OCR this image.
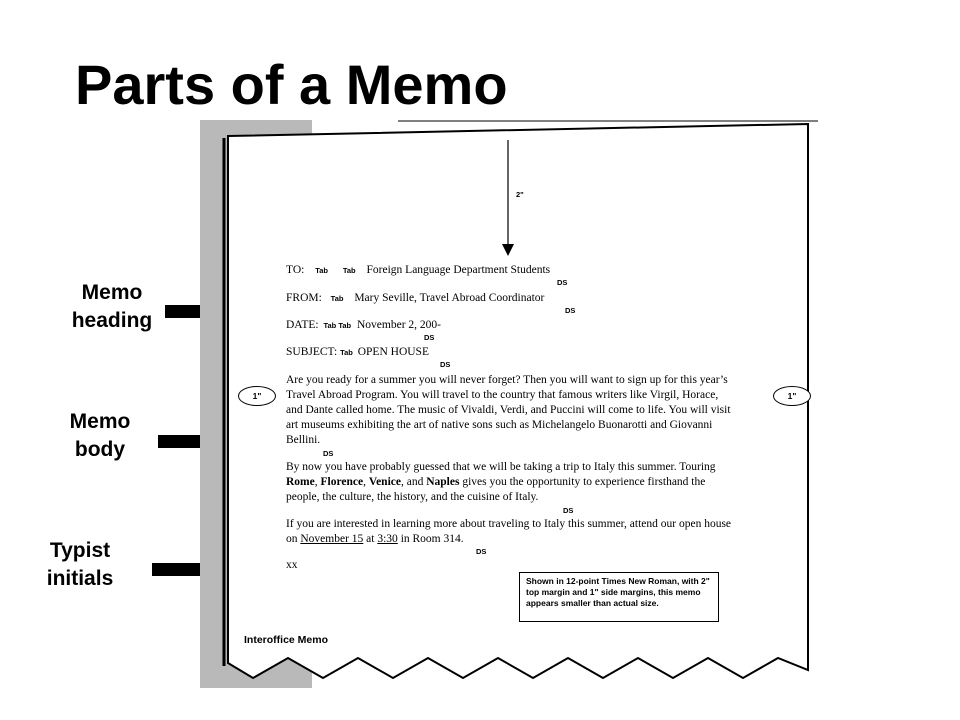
Parts of a Memo
Memo
heading
Memo
body
Typist
initials
2"
1"	1"
TO: Tab Tab Foreign Language Department Students
DS
FROM: Tab Mary Seville, Travel Abroad Coordinator
DS
DATE: Tab Tab November 2, 200-
DS
SUBJECT: Tab OPEN HOUSE
DS
Are you ready for a summer you will never forget? Then you will want to sign up for this year’s
Travel Abroad Program. You will travel to the country that famous writers like Virgil, Horace,
and Dante called home. The music of Vivaldi, Verdi, and Puccini will come to life. You will visit
art museums exhibiting the art of native sons such as Michelangelo Buonarotti and Giovanni
Bellini.
DS
By now you have probably guessed that we will be taking a trip to Italy this summer. Touring
Rome, Florence, Venice, and Naples gives you the opportunity to experience firsthand the
people, the culture, the history, and the cuisine of Italy.
DS
If you are interested in learning more about traveling to Italy this summer, attend our open house
on November 15 at 3:30 in Room 314.
DS
xx
Shown in 12-point Times New Roman, with 2" top margin and 1" side margins, this memo appears smaller than actual size.
Interoffice Memo
